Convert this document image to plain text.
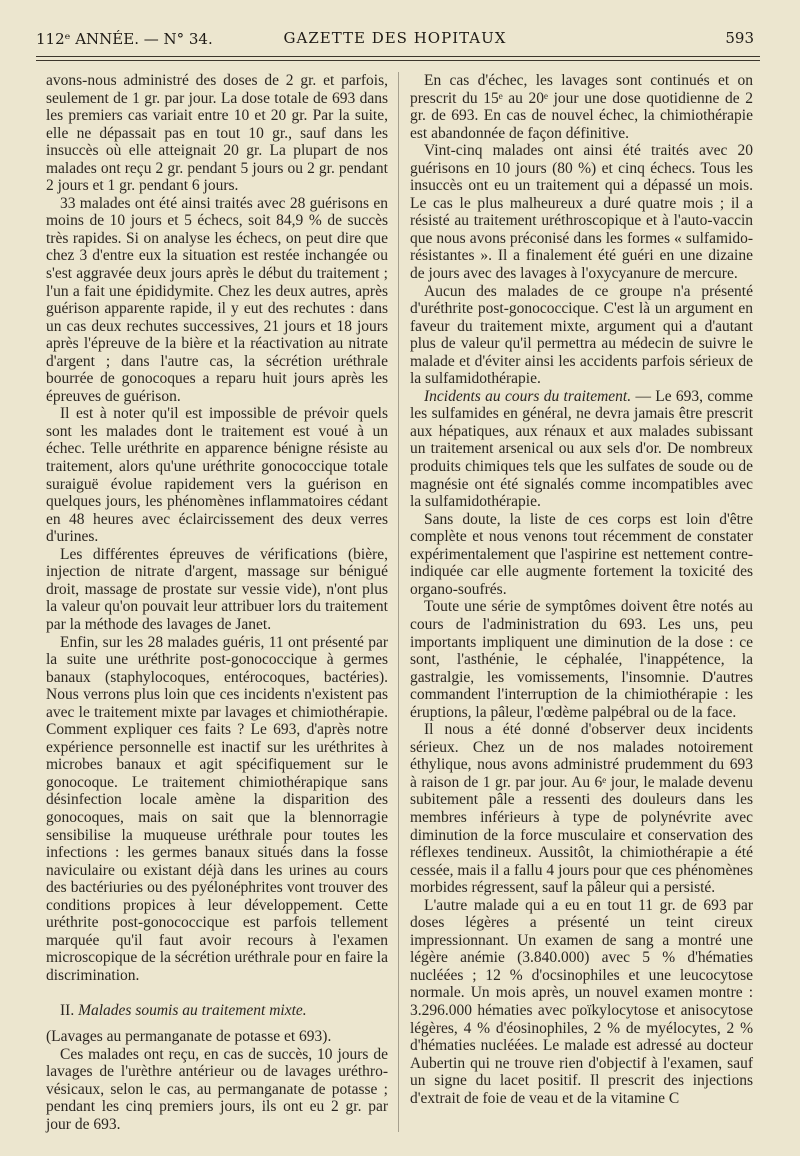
112ᵉ ANNÉE. — N° 34.	GAZETTE DES HOPITAUX	593

avons-nous administré des doses de 2 gr. et parfois, seulement de 1 gr. par jour. La dose totale de 693 dans les premiers cas variait entre 10 et 20 gr. Par la suite, elle ne dépassait pas en tout 10 gr., sauf dans les insuccès où elle atteignait 20 gr. La plupart de nos malades ont reçu 2 gr. pendant 5 jours ou 2 gr. pendant 2 jours et 1 gr. pendant 6 jours.

33 malades ont été ainsi traités avec 28 guérisons en moins de 10 jours et 5 échecs, soit 84,9 % de succès très rapides. Si on analyse les échecs, on peut dire que chez 3 d'entre eux la situation est restée inchangée ou s'est aggravée deux jours après le début du traitement ; l'un a fait une épididymite. Chez les deux autres, après guérison apparente rapide, il y eut des rechutes : dans un cas deux rechutes successives, 21 jours et 18 jours après l'épreuve de la bière et la réactivation au nitrate d'argent ; dans l'autre cas, la sécrétion uréthrale bourrée de gonocoques a reparu huit jours après les épreuves de guérison.

Il est à noter qu'il est impossible de prévoir quels sont les malades dont le traitement est voué à un échec. Telle uréthrite en apparence bénigne résiste au traitement, alors qu'une uréthrite gonococcique totale suraiguë évolue rapidement vers la guérison en quelques jours, les phénomènes inflammatoires cédant en 48 heures avec éclaircissement des deux verres d'urines.

Les différentes épreuves de vérifications (bière, injection de nitrate d'argent, massage sur bénigué droit, massage de prostate sur vessie vide), n'ont plus la valeur qu'on pouvait leur attribuer lors du traitement par la méthode des lavages de Janet.

Enfin, sur les 28 malades guéris, 11 ont présenté par la suite une uréthrite post-gonococcique à germes banaux (staphylocoques, entérocoques, bactéries). Nous verrons plus loin que ces incidents n'existent pas avec le traitement mixte par lavages et chimiothérapie. Comment expliquer ces faits ? Le 693, d'après notre expérience personnelle est inactif sur les uréthrites à microbes banaux et agit spécifiquement sur le gonocoque. Le traitement chimiothérapique sans désinfection locale amène la disparition des gonocoques, mais on sait que la blennorragie sensibilise la muqueuse uréthrale pour toutes les infections : les germes banaux situés dans la fosse naviculaire ou existant déjà dans les urines au cours des bactériuries ou des pyélonéphrites vont trouver des conditions propices à leur développement. Cette uréthrite post-gonococcique est parfois tellement marquée qu'il faut avoir recours à l'examen microscopique de la sécrétion uréthrale pour en faire la discrimination.

II. Malades soumis au traitement mixte.

(Lavages au permanganate de potasse et 693).

Ces malades ont reçu, en cas de succès, 10 jours de lavages de l'urèthre antérieur ou de lavages uréthro-vésicaux, selon le cas, au permanganate de potasse ; pendant les cinq premiers jours, ils ont eu 2 gr. par jour de 693.

En cas d'échec, les lavages sont continués et on prescrit du 15ᵉ au 20ᵉ jour une dose quotidienne de 2 gr. de 693. En cas de nouvel échec, la chimiothérapie est abandonnée de façon définitive.

Vint-cinq malades ont ainsi été traités avec 20 guérisons en 10 jours (80 %) et cinq échecs. Tous les insuccès ont eu un traitement qui a dépassé un mois. Le cas le plus malheureux a duré quatre mois ; il a résisté au traitement uréthroscopique et à l'auto-vaccin que nous avons préconisé dans les formes « sulfamido-résistantes ». Il a finalement été guéri en une dizaine de jours avec des lavages à l'oxycyanure de mercure.

Aucun des malades de ce groupe n'a présenté d'uréthrite post-gonococcique. C'est là un argument en faveur du traitement mixte, argument qui a d'autant plus de valeur qu'il permettra au médecin de suivre le malade et d'éviter ainsi les accidents parfois sérieux de la sulfamidothérapie.

Incidents au cours du traitement. — Le 693, comme les sulfamides en général, ne devra jamais être prescrit aux hépatiques, aux rénaux et aux malades subissant un traitement arsenical ou aux sels d'or. De nombreux produits chimiques tels que les sulfates de soude ou de magnésie ont été signalés comme incompatibles avec la sulfamidothérapie.

Sans doute, la liste de ces corps est loin d'être complète et nous venons tout récemment de constater expérimentalement que l'aspirine est nettement contre-indiquée car elle augmente fortement la toxicité des organo-soufrés.

Toute une série de symptômes doivent être notés au cours de l'administration du 693. Les uns, peu importants impliquent une diminution de la dose : ce sont, l'asthénie, le céphalée, l'inappétence, la gastralgie, les vomissements, l'insomnie. D'autres commandent l'interruption de la chimiothérapie : les éruptions, la pâleur, l'œdème palpébral ou de la face.

Il nous a été donné d'observer deux incidents sérieux. Chez un de nos malades notoirement éthylique, nous avons administré prudemment du 693 à raison de 1 gr. par jour. Au 6ᵉ jour, le malade devenu subitement pâle a ressenti des douleurs dans les membres inférieurs à type de polynévrite avec diminution de la force musculaire et conservation des réflexes tendineux. Aussitôt, la chimiothérapie a été cessée, mais il a fallu 4 jours pour que ces phénomènes morbides régressent, sauf la pâleur qui a persisté.

L'autre malade qui a eu en tout 11 gr. de 693 par doses légères a présenté un teint cireux impressionnant. Un examen de sang a montré une légère anémie (3.840.000) avec 5 % d'hématies nucléées ; 12 % d'ocsinophiles et une leucocytose normale. Un mois après, un nouvel examen montre : 3.296.000 hématies avec poïkylocytose et anisocytose légères, 4 % d'éosinophiles, 2 % de myélocytes, 2 % d'hématies nucléées. Le malade est adressé au docteur Aubertin qui ne trouve rien d'objectif à l'examen, sauf un signe du lacet positif. Il prescrit des injections d'extrait de foie de veau et de la vitamine C
